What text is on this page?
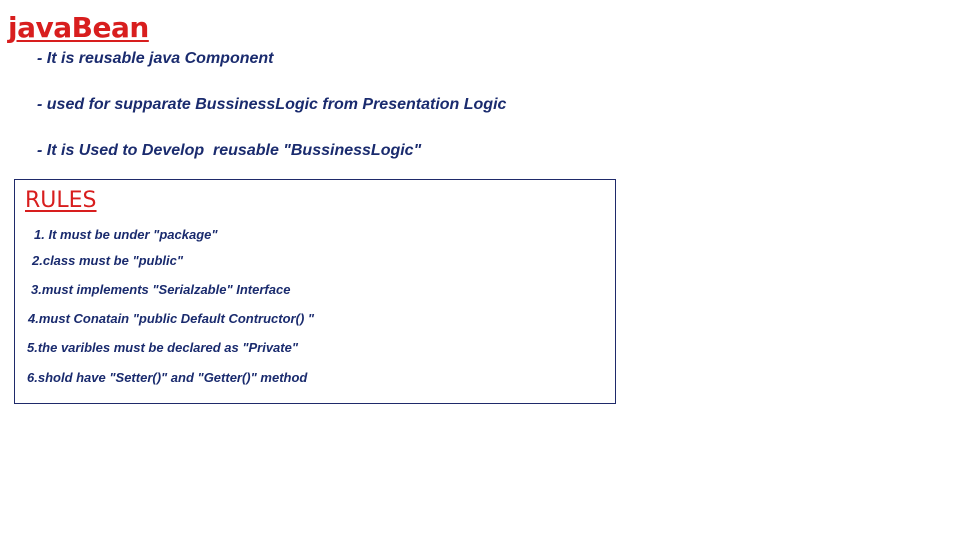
javaBean
- It is reusable java Component
- used for supparate BussinessLogic from Presentation Logic
- It is Used to Develop  reusable "BussinessLogic"
RULES
1. It must be under "package"
2.class must be "public"
3.must implements "Serialzable" Interface
4.must Conatain "public Default Contructor() "
5.the varibles must be declared as "Private"
6.shold have "Setter()" and "Getter()" method
